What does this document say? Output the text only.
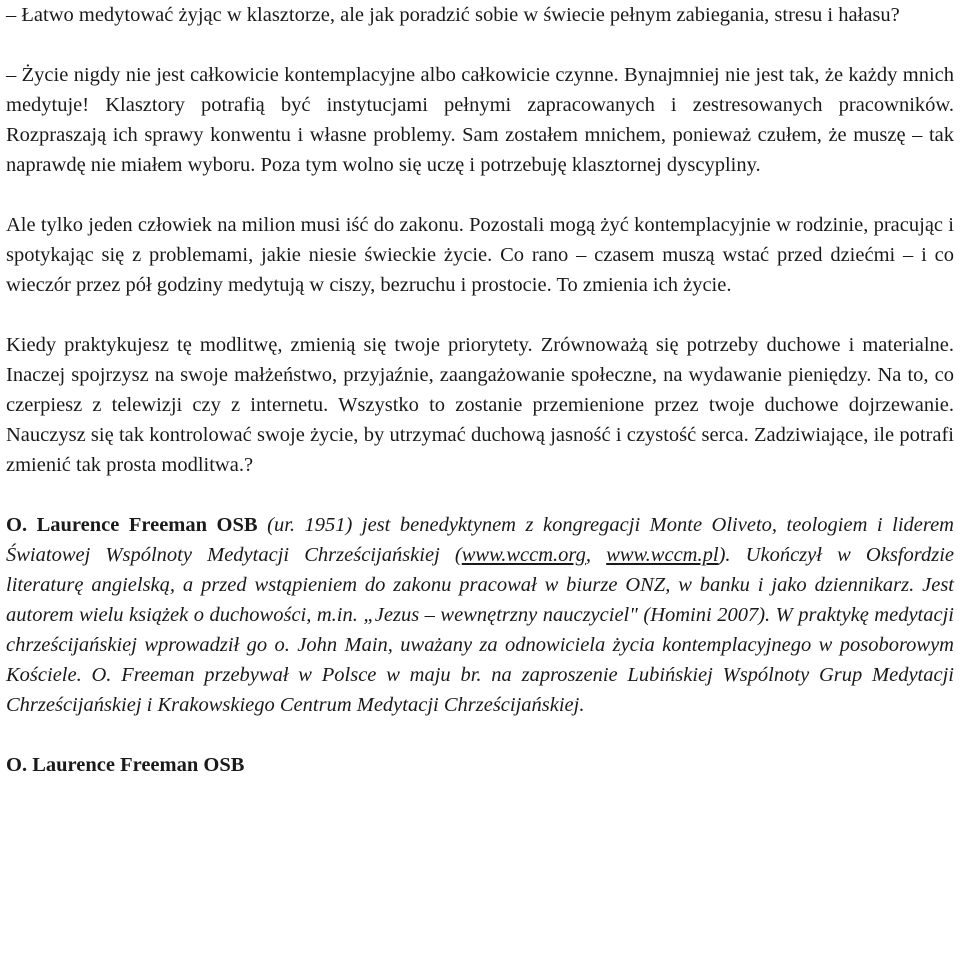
– Łatwo medytować żyjąc w klasztorze, ale jak poradzić sobie w świecie pełnym zabiegania, stresu i hałasu?

– Życie nigdy nie jest całkowicie kontemplacyjne albo całkowicie czynne. Bynajmniej nie jest tak, że każdy mnich medytuje! Klasztory potrafią być instytucjami pełnymi zapracowanych i zestresowanych pracowników. Rozpraszają ich sprawy konwentu i własne problemy. Sam zostałem mnichem, ponieważ czułem, że muszę – tak naprawdę nie miałem wyboru. Poza tym wolno się uczę i potrzebuję klasztornej dyscypliny.

Ale tylko jeden człowiek na milion musi iść do zakonu. Pozostali mogą żyć kontemplacyjnie w rodzinie, pracując i spotykając się z problemami, jakie niesie świeckie życie. Co rano – czasem muszą wstać przed dziećmi – i co wieczór przez pół godziny medytują w ciszy, bezruchu i prostocie. To zmienia ich życie.

Kiedy praktykujesz tę modlitwę, zmienią się twoje priorytety. Zrównoważą się potrzeby duchowe i materialne. Inaczej spojrzysz na swoje małżeństwo, przyjaźnie, zaangażowanie społeczne, na wydawanie pieniędzy. Na to, co czerpiesz z telewizji czy z internetu. Wszystko to zostanie przemienione przez twoje duchowe dojrzewanie. Nauczysz się tak kontrolować swoje życie, by utrzymać duchową jasność i czystość serca. Zadziwiające, ile potrafi zmienić tak prosta modlitwa.?

O. Laurence Freeman OSB (ur. 1951) jest benedyktynem z kongregacji Monte Oliveto, teologiem i liderem Światowej Wspólnoty Medytacji Chrześcijańskiej (www.wccm.org, www.wccm.pl). Ukończył w Oksfordzie literaturę angielską, a przed wstąpieniem do zakonu pracował w biurze ONZ, w banku i jako dziennikarz. Jest autorem wielu książek o duchowości, m.in. „Jezus – wewnętrzny nauczyciel" (Homini 2007). W praktykę medytacji chrześcijańskiej wprowadził go o. John Main, uważany za odnowiciela życia kontemplacyjnego w posoborowym Kościele. O. Freeman przebywał w Polsce w maju br. na zaproszenie Lubińskiej Wspólnoty Grup Medytacji Chrześcijańskiej i Krakowskiego Centrum Medytacji Chrześcijańskiej.

O. Laurence Freeman OSB
